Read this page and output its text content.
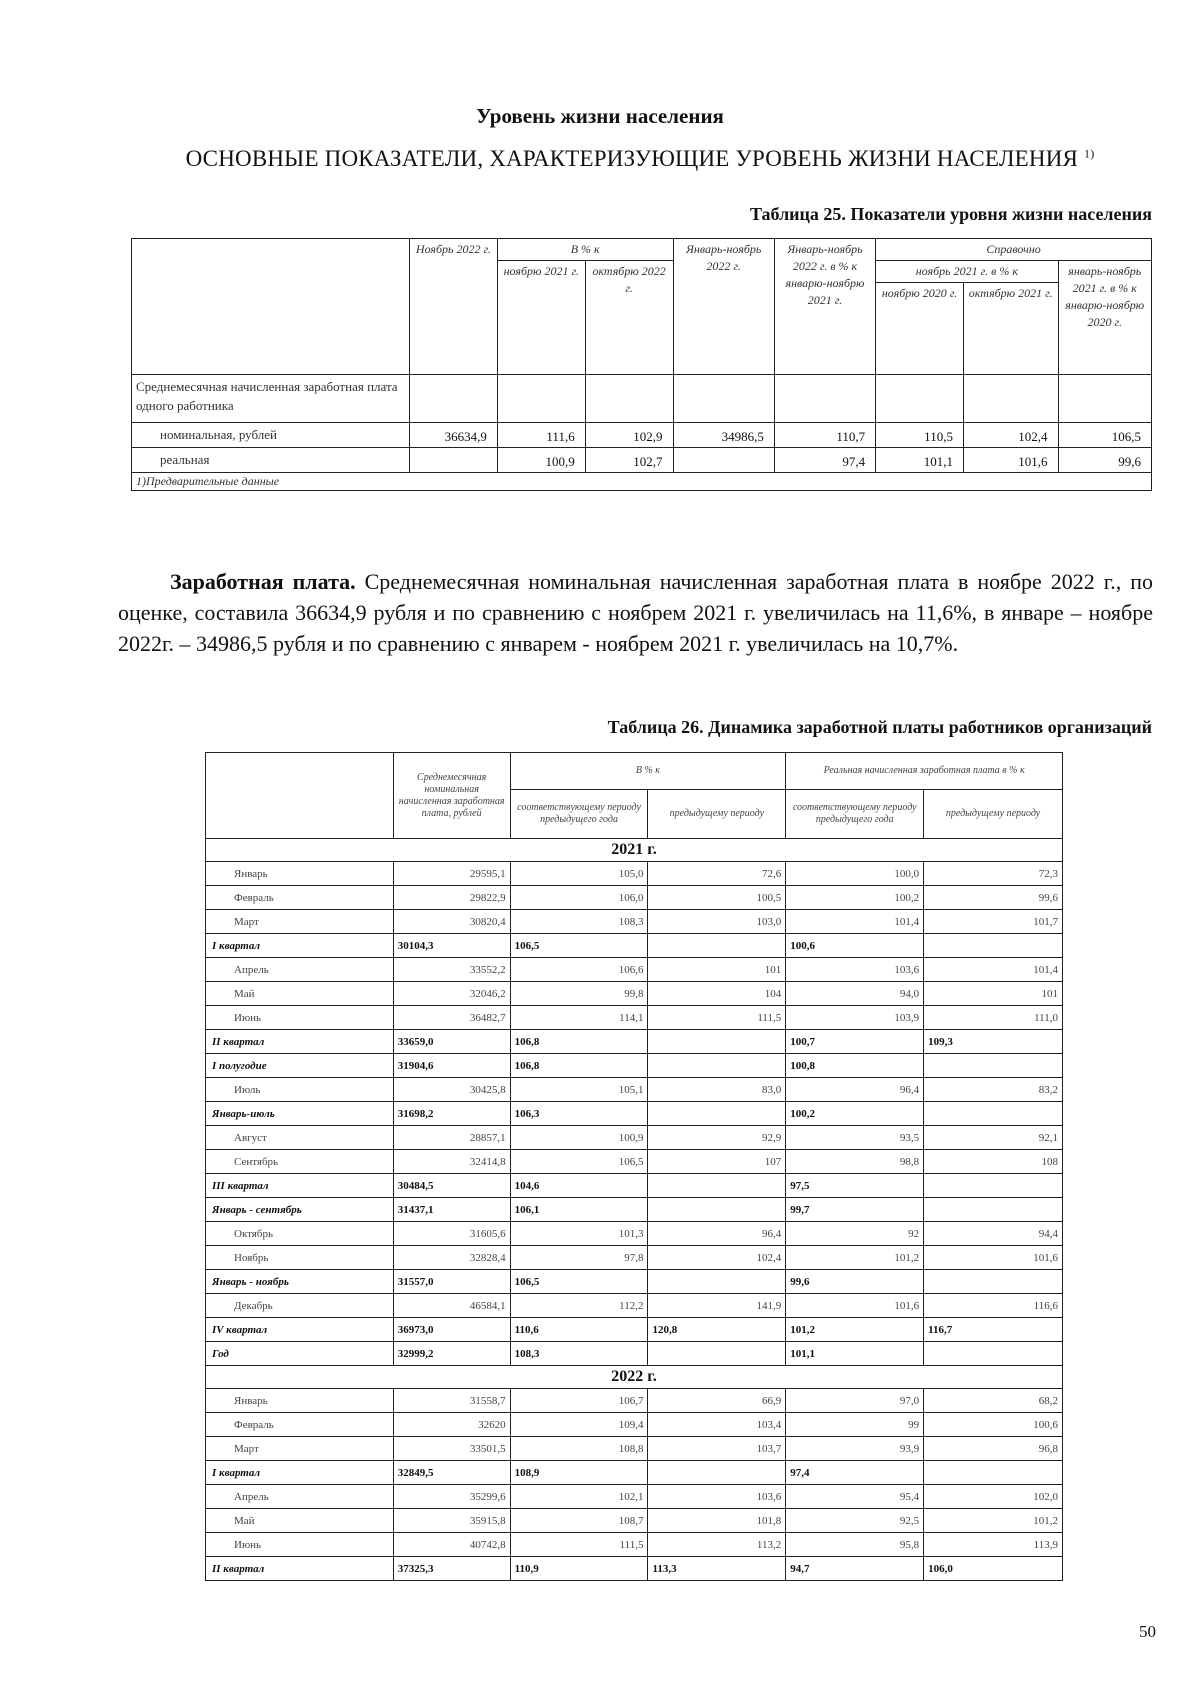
Уровень жизни населения
ОСНОВНЫЕ ПОКАЗАТЕЛИ, ХАРАКТЕРИЗУЮЩИЕ УРОВЕНЬ ЖИЗНИ НАСЕЛЕНИЯ $^{1)}$
Таблица 25. Показатели уровня жизни населения
	Ноябрь 2022 г.	В % к		Январь-ноябрь 2022 г.	Январь-ноябрь 2022 г. в % к январю-ноябрю 2021 г.	Справочно		
		ноябрю 2021 г.	октябрю 2022 г.			ноябрь 2021 г. в % к		январь-ноябрь 2021 г. в % к январю-ноябрю 2020 г.
						ноябрю 2020 г.	октябрю 2021 г.	
Среднемесячная начисленная заработная плата одного работника								
номинальная, рублей	36634,9	111,6	102,9	34986,5	110,7	110,5	102,4	106,5
реальная		100,9	102,7		97,4	101,1	101,6	99,6
1)Предварительные данные								
Заработная плата. Среднемесячная номинальная начисленная заработная плата в ноябре 2022 г., по оценке, составила 36634,9 рубля и по сравнению с ноябрем 2021 г. увеличилась на 11,6%, в январе – ноябре 2022г. – 34986,5 рубля и по сравнению с январем - ноябрем 2021 г. увеличилась на 10,7%.
Таблица 26. Динамика заработной платы работников организаций
	Среднемесячная номинальная начисленная заработная плата, рублей	В % к		Реальная начисленная заработная плата в % к	
		соответствующему периоду предыдущего года	предыдущему периоду	соответствующему периоду предыдущего года	предыдущему периоду
2021 г.					
Январь	29595,1	105,0	72,6	100,0	72,3
Февраль	29822,9	106,0	100,5	100,2	99,6
Март	30820,4	108,3	103,0	101,4	101,7
I квартал	30104,3	106,5		100,6	
Апрель	33552,2	106,6	101	103,6	101,4
Май	32046,2	99,8	104	94,0	101
Июнь	36482,7	114,1	111,5	103,9	111,0
II квартал	33659,0	106,8		100,7	109,3
I полугодие	31904,6	106,8		100,8	
Июль	30425,8	105,1	83,0	96,4	83,2
Январь-июль	31698,2	106,3		100,2	
Август	28857,1	100,9	92,9	93,5	92,1
Сентябрь	32414,8	106,5	107	98,8	108
III квартал	30484,5	104,6		97,5	
Январь - сентябрь	31437,1	106,1		99,7	
Октябрь	31605,6	101,3	96,4	92	94,4
Ноябрь	32828,4	97,8	102,4	101,2	101,6
Январь - ноябрь	31557,0	106,5		99,6	
Декабрь	46584,1	112,2	141,9	101,6	116,6
IV квартал	36973,0	110,6	120,8	101,2	116,7
Год	32999,2	108,3		101,1	
2022 г.					
Январь	31558,7	106,7	66,9	97,0	68,2
Февраль	32620	109,4	103,4	99	100,6
Март	33501,5	108,8	103,7	93,9	96,8
I квартал	32849,5	108,9		97,4	
Апрель	35299,6	102,1	103,6	95,4	102,0
Май	35915,8	108,7	101,8	92,5	101,2
Июнь	40742,8	111,5	113,2	95,8	113,9
II квартал	37325,3	110,9	113,3	94,7	106,0
50
